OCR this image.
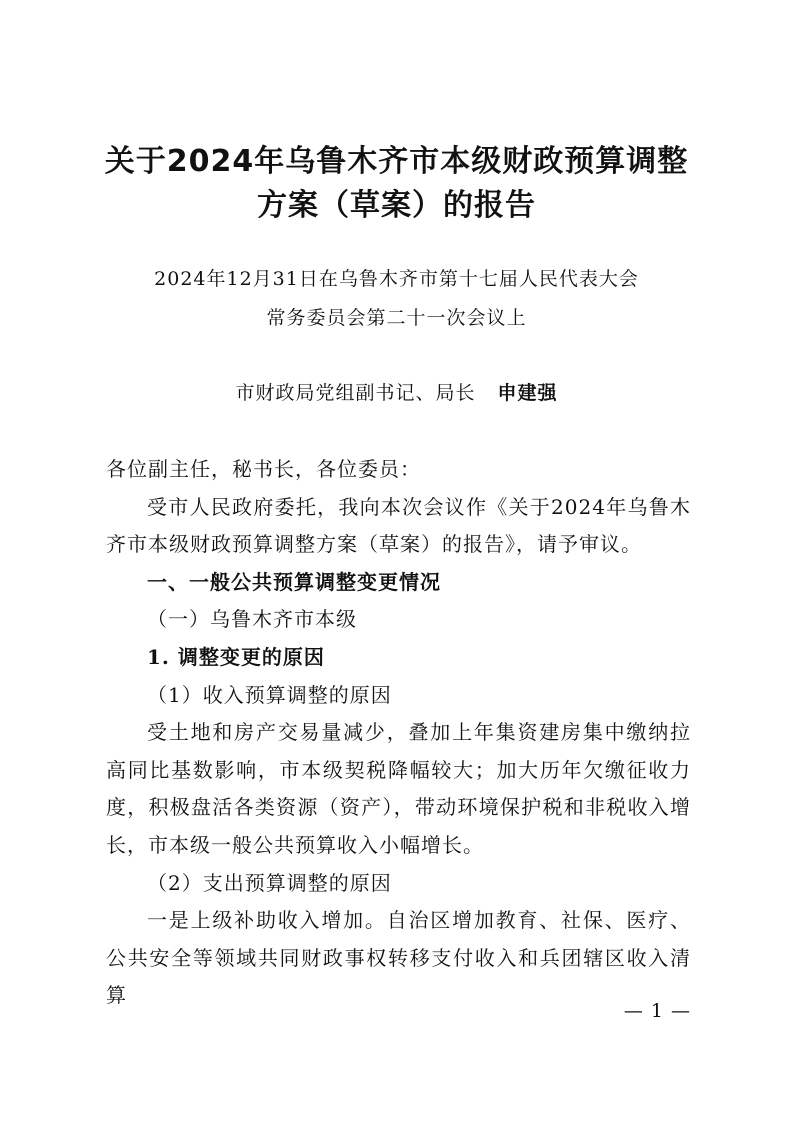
关于2024年乌鲁木齐市本级财政预算调整
方案（草案）的报告
2024年12月31日在乌鲁木齐市第十七届人民代表大会
常务委员会第二十一次会议上
市财政局党组副书记、局长 申建强
各位副主任，秘书长，各位委员：
受市人民政府委托，我向本次会议作《关于2024年乌鲁木齐市本级财政预算调整方案（草案）的报告》，请予审议。
一、一般公共预算调整变更情况
（一）乌鲁木齐市本级
1. 调整变更的原因
（1）收入预算调整的原因
受土地和房产交易量减少，叠加上年集资建房集中缴纳拉高同比基数影响，市本级契税降幅较大；加大历年欠缴征收力度，积极盘活各类资源（资产），带动环境保护税和非税收入增长，市本级一般公共预算收入小幅增长。
（2）支出预算调整的原因
一是上级补助收入增加。自治区增加教育、社保、医疗、公共安全等领域共同财政事权转移支付收入和兵团辖区收入清算
— 1 —
